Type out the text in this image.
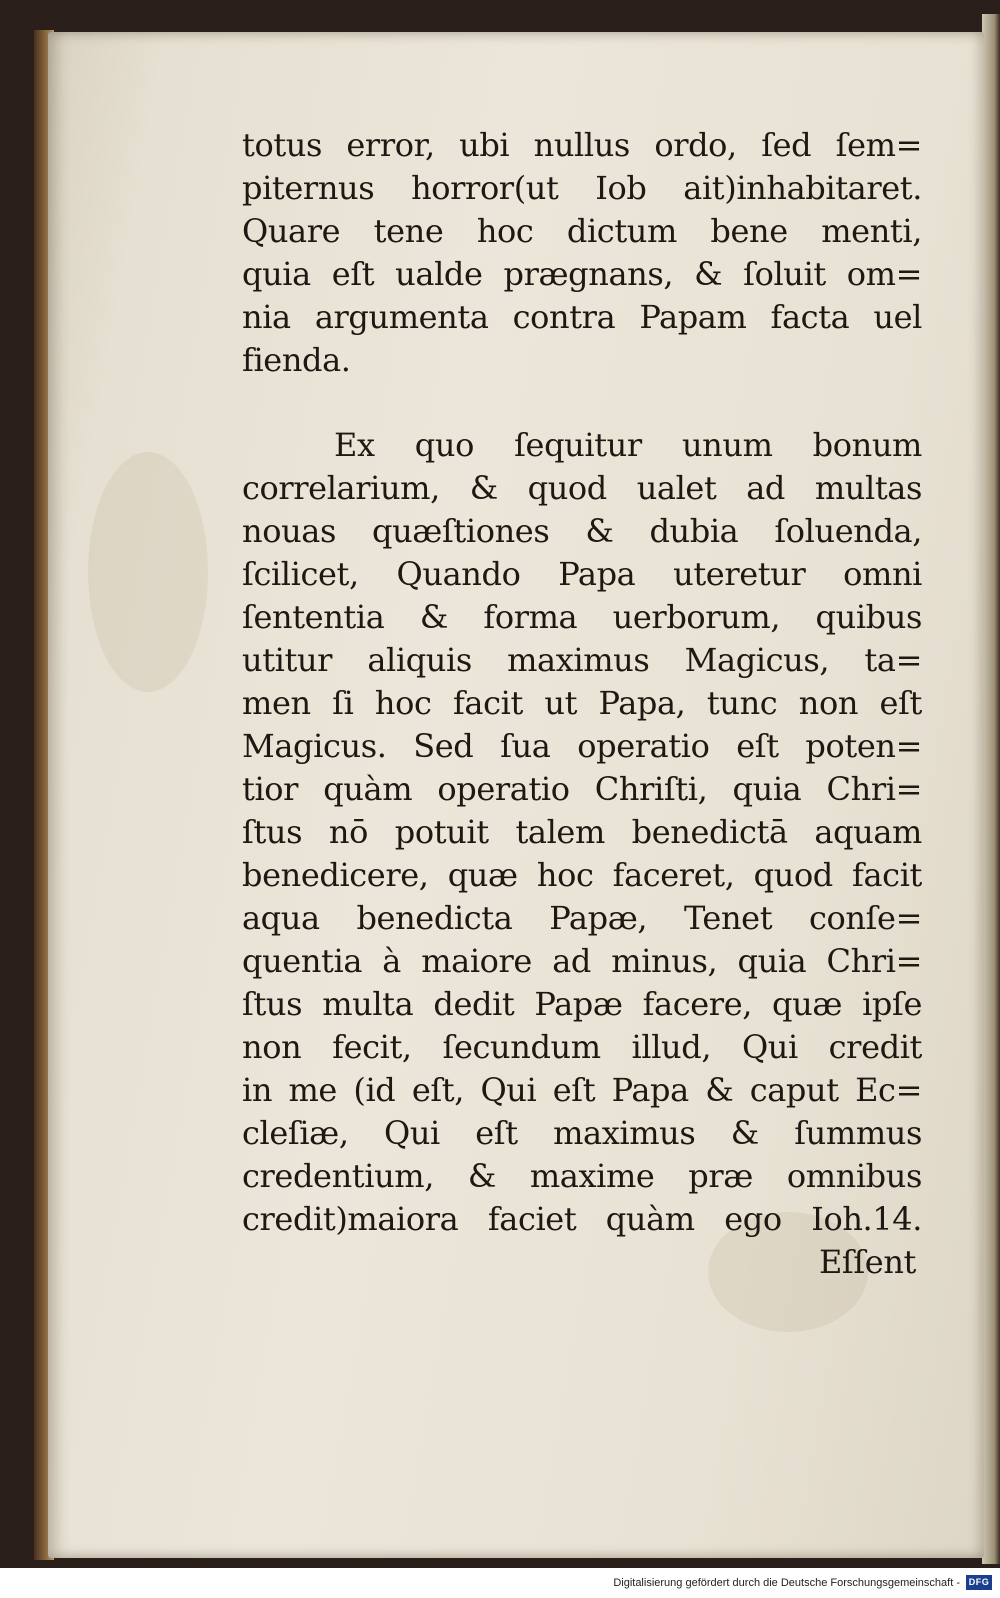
totus error, ubi nullus ordo, ſed ſem=
piternus horror(ut Iob ait)inhabitaret.
Quare tene hoc dictum bene menti,
quia eſt ualde prægnans, & ſoluit om=
nia argumenta contra Papam facta uel
fienda.
Ex quo ſequitur unum bonum
correlarium, & quod ualet ad multas
nouas quæſtiones & dubia ſoluenda,
ſcilicet, Quando Papa uteretur omni
ſententia & forma uerborum, quibus
utitur aliquis maximus Magicus, ta=
men ſi hoc facit ut Papa, tunc non eſt
Magicus. Sed ſua operatio eſt poten=
tior quàm operatio Chriſti, quia Chri=
ſtus nō potuit talem benedictā aquam
benedicere, quæ hoc faceret, quod facit
aqua benedicta Papæ, Tenet conſe=
quentia à maiore ad minus, quia Chri=
ſtus multa dedit Papæ facere, quæ ipſe
non fecit, ſecundum illud, Qui credit
in me (id eſt, Qui eſt Papa & caput Ec=
cleſiæ, Qui eſt maximus & ſummus
credentium, & maxime præ omnibus
credit)maiora faciet quàm ego Ioh.14.
Eſſent
Digitalisierung gefördert durch die Deutsche Forschungsgemeinschaft - DFG
